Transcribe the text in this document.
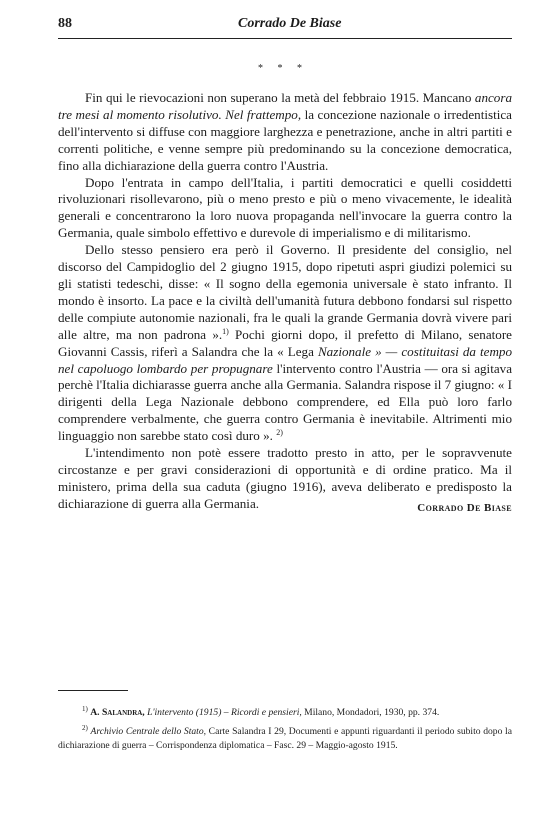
88	Corrado De Biase
* * *

Fin qui le rievocazioni non superano la metà del febbraio 1915. Mancano ancora tre mesi al momento risolutivo. Nel frattempo, la concezione nazionale o irredentistica dell'intervento si diffuse con maggiore larghezza e penetrazione, anche in altri partiti e correnti politiche, e venne sempre più predominando su la concezione democratica, fino alla dichiarazione della guerra contro l'Austria.

Dopo l'entrata in campo dell'Italia, i partiti democratici e quelli cosiddetti rivoluzionari risollevarono, più o meno presto e più o meno vivacemente, le idealità generali e concentrarono la loro nuova propaganda nell'invocare la guerra contro la Germania, quale simbolo effettivo e durevole di imperialismo e di militarismo.

Dello stesso pensiero era però il Governo. Il presidente del consiglio, nel discorso del Campidoglio del 2 giugno 1915, dopo ripetuti aspri giudizi polemici su gli statisti tedeschi, disse: « Il sogno della egemonia universale è stato infranto. Il mondo è insorto. La pace e la civiltà dell'umanità futura debbono fondarsi sul rispetto delle compiute autonomie nazionali, fra le quali la grande Germania dovrà vivere pari alle altre, ma non padrona ».$^{1)}$ Pochi giorni dopo, il prefetto di Milano, senatore Giovanni Cassis, riferì a Salandra che la « Lega Nazionale » — costituitasi da tempo nel capoluogo lombardo per propugnare l'intervento contro l'Austria — ora si agitava perchè l'Italia dichiarasse guerra anche alla Germania. Salandra rispose il 7 giugno: « I dirigenti della Lega Nazionale debbono comprendere, ed Ella può loro farlo comprendere verbalmente, che guerra contro Germania è inevitabile. Altrimenti mio linguaggio non sarebbe stato così duro ». $^{2)}$

L'intendimento non potè essere tradotto presto in atto, per le sopravvenute circostanze e per gravi considerazioni di opportunità e di ordine pratico. Ma il ministero, prima della sua caduta (giugno 1916), aveva deliberato e predisposto la dichiarazione di guerra alla Germania.	Corrado De Biase

$^{1)}$ A. Salandra, L'intervento (1915) – Ricordi e pensieri, Milano, Mondadori, 1930, pp. 374.

$^{2)}$ Archivio Centrale dello Stato, Carte Salandra I 29, Documenti e appunti riguardanti il periodo subito dopo la dichiarazione di guerra – Corrispondenza diplomatica – Fasc. 29 – Maggio-agosto 1915.
